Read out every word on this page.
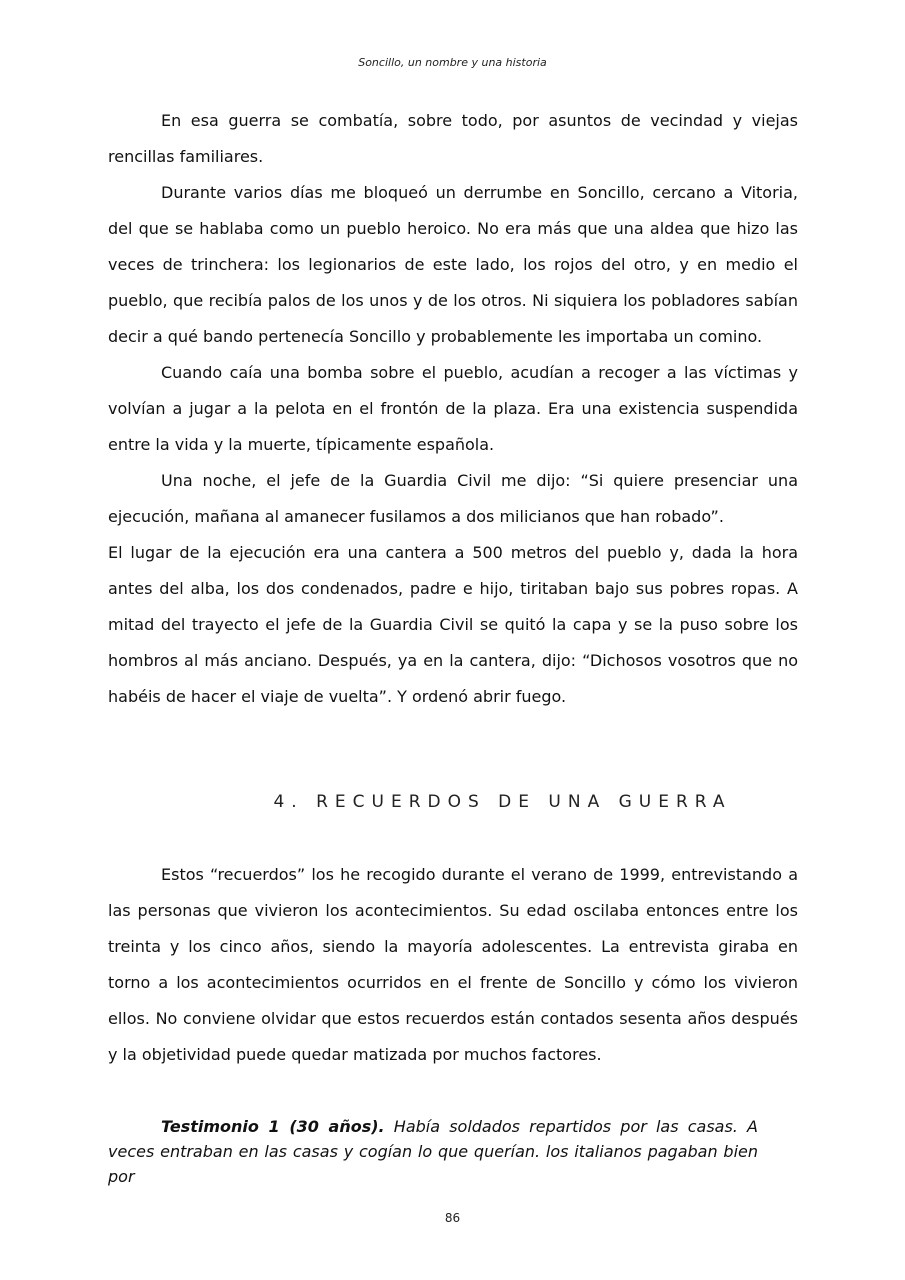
Soncillo, un nombre y una historia

En esa guerra se combatía, sobre todo, por asuntos de vecindad y viejas rencillas familiares.

Durante varios días me bloqueó un derrumbe en Soncillo, cercano a Vitoria, del que se hablaba como un pueblo heroico. No era más que una aldea que hizo las veces de trinchera: los legionarios de este lado, los rojos del otro, y en medio el pueblo, que recibía palos de los unos y de los otros. Ni siquiera los pobladores sabían decir a qué bando pertenecía Soncillo y probablemente les importaba un comino.

Cuando caía una bomba sobre el pueblo, acudían a recoger a las víctimas y volvían a jugar a la pelota en el frontón de la plaza. Era una existencia suspendida entre la vida y la muerte, típicamente española.

Una noche, el jefe de la Guardia Civil me dijo: “Si quiere presenciar una ejecución, mañana al amanecer fusilamos a dos milicianos que han robado”.

El lugar de la ejecución era una cantera a 500 metros del pueblo y, dada la hora antes del alba, los dos condenados, padre e hijo, tiritaban bajo sus pobres ropas. A mitad del trayecto el jefe de la Guardia Civil se quitó la capa y se la puso sobre los hombros al más anciano. Después, ya en la cantera, dijo: “Dichosos vosotros que no habéis de hacer el viaje de vuelta”. Y ordenó abrir fuego.

4. RECUERDOS DE UNA GUERRA

Estos “recuerdos” los he recogido durante el verano de 1999, entrevistando a las personas que vivieron los acontecimientos. Su edad oscilaba entonces entre los treinta y los cinco años, siendo la mayoría adolescentes. La entrevista giraba en torno a los acontecimientos ocurridos en el frente de Soncillo y cómo los vivieron ellos. No conviene olvidar que estos recuerdos están contados sesenta años después y la objetividad puede quedar matizada por muchos factores.

Testimonio 1 (30 años). Había soldados repartidos por las casas. A veces entraban en las casas y cogían lo que querían. los italianos pagaban bien por

86
